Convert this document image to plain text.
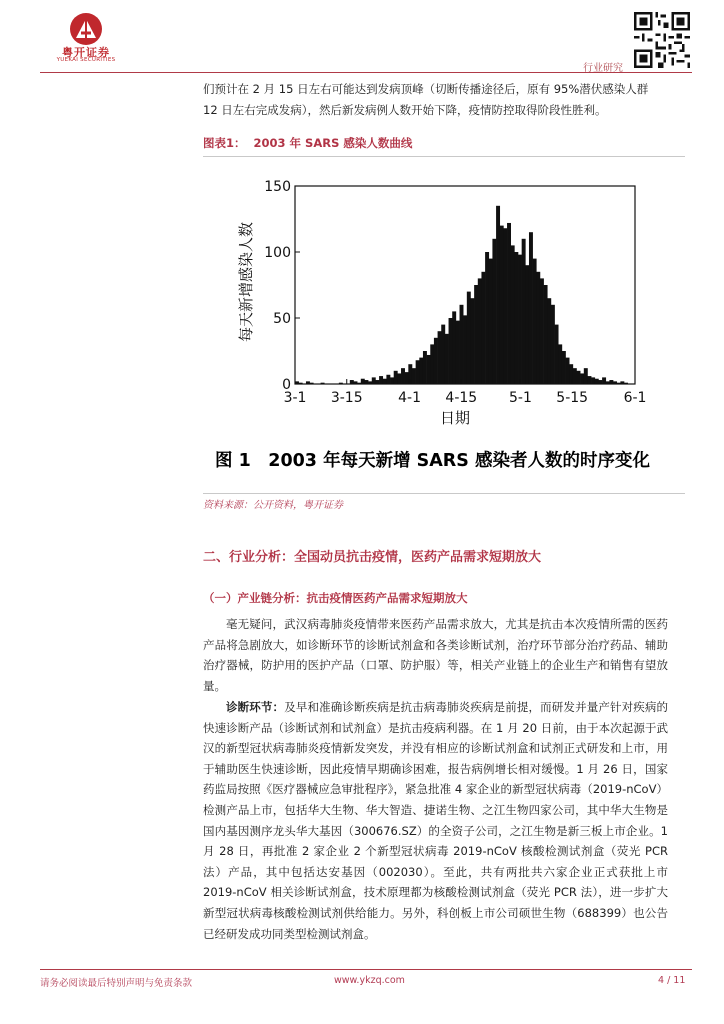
粤开证券
YUEKAI SECURITIES
行业研究

们预计在 2 月 15 日左右可能达到发病顶峰（切断传播途径后，原有 95%潜伏感染人群

12 日左右完成发病），然后新发病例人数开始下降，疫情防控取得阶段性胜利。

图表1： 2003 年 SARS 感染人数曲线
0
50
100
150
3-1 3-15	4-1 4-15 5-1 5-15	6-1
每天新增感染人数
日期
图 1　2003 年每天新增 SARS 感染者人数的时序变化
资料来源：公开资料，粤开证券
二、行业分析：全国动员抗击疫情，医药产品需求短期放大
（一）产业链分析：抗击疫情医药产品需求短期放大

毫无疑问，武汉病毒肺炎疫情带来医药产品需求放大，尤其是抗击本次疫情所需的医药产品将急剧放大，如诊断环节的诊断试剂盒和各类诊断试剂，治疗环节部分治疗药品、辅助治疗器械，防护用的医护产品（口罩、防护服）等，相关产业链上的企业生产和销售有望放量。

诊断环节：及早和准确诊断疾病是抗击病毒肺炎疾病是前提，而研发并量产针对疾病的快速诊断产品（诊断试剂和试剂盒）是抗击疫病利器。在 1 月 20 日前，由于本次起源于武汉的新型冠状病毒肺炎疫情新发突发，并没有相应的诊断试剂盒和试剂正式研发和上市，用于辅助医生快速诊断，因此疫情早期确诊困难，报告病例增长相对缓慢。1 月 26 日，国家药监局按照《医疗器械应急审批程序》，紧急批准 4 家企业的新型冠状病毒（2019-nCoV）检测产品上市，包括华大生物、华大智造、捷诺生物、之江生物四家公司，其中华大生物是国内基因测序龙头华大基因（300676.SZ）的全资子公司，之江生物是新三板上市企业。1 月 28 日，再批准 2 家企业 2 个新型冠状病毒 2019-nCoV 核酸检测试剂盒（荧光 PCR 法）产品，其中包括达安基因（002030）。至此，共有两批共六家企业正式获批上市 2019-nCoV 相关诊断试剂盒，技术原理都为核酸检测试剂盒（荧光 PCR 法），进一步扩大新型冠状病毒核酸检测试剂供给能力。另外，科创板上市公司硕世生物（688399）也公告已经研发成功同类型检测试剂盒。

请务必阅读最后特别声明与免责条款	www.ykzq.com	4 / 11
